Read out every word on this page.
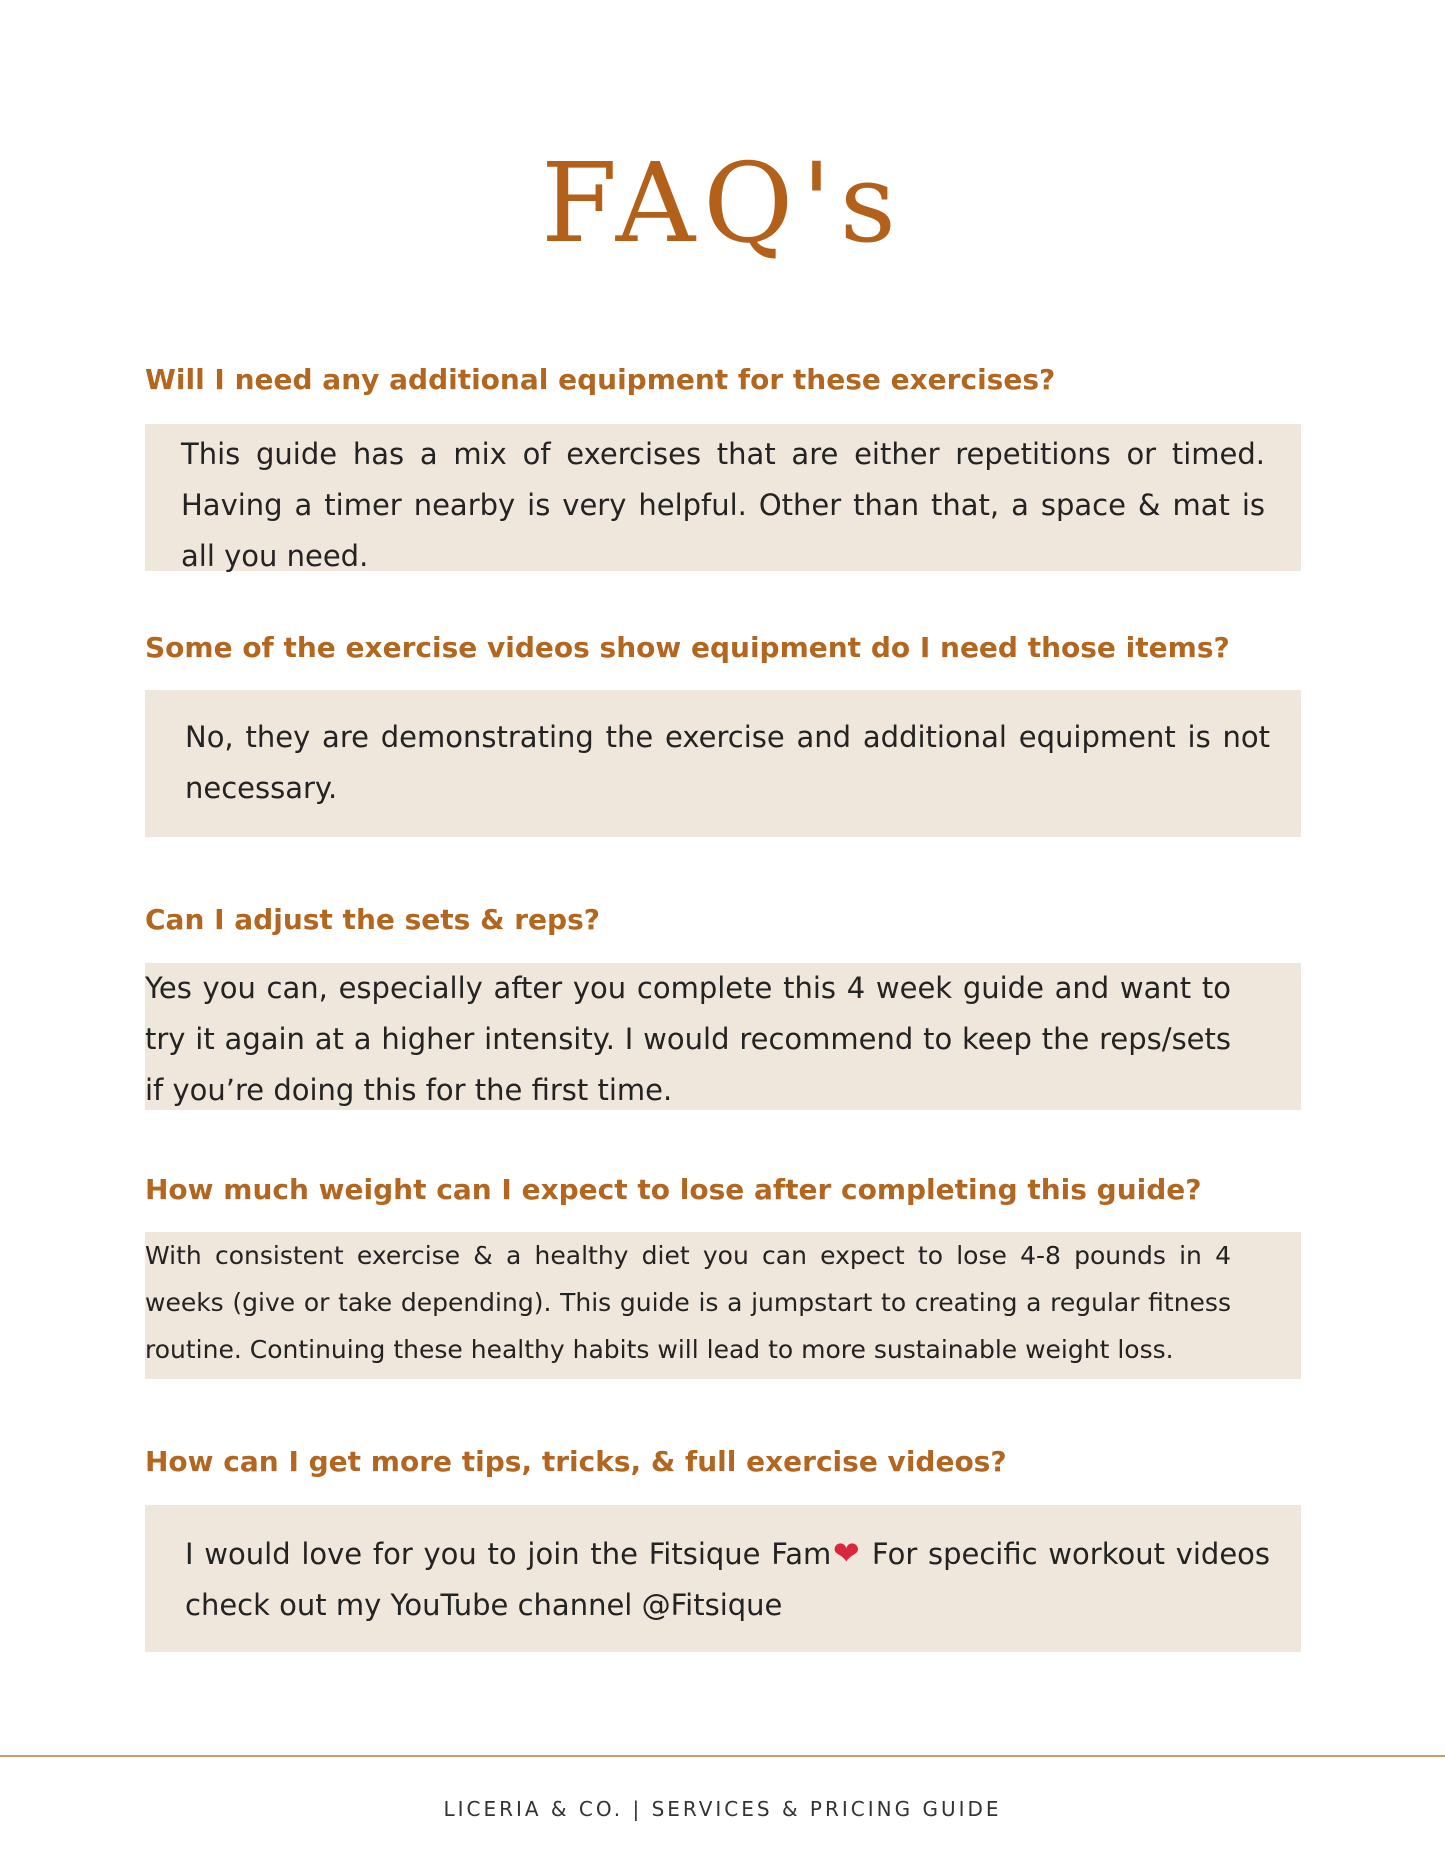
FAQ's
Will I need any additional equipment for these exercises?

This guide has a mix of exercises that are either repetitions or timed. Having a timer nearby is very helpful. Other than that, a space & mat is all you need.

Some of the exercise videos show equipment do I need those items?

No, they are demonstrating the exercise and additional equipment is not necessary.

Can I adjust the sets & reps?

Yes you can, especially after you complete this 4 week guide and want to try it again at a higher intensity. I would recommend to keep the reps/sets if you’re doing this for the first time.

How much weight can I expect to lose after completing this guide?

With consistent exercise & a healthy diet you can expect to lose 4-8 pounds in 4 weeks (give or take depending). This guide is a jumpstart to creating a regular fitness routine. Continuing these healthy habits will lead to more sustainable weight loss.

How can I get more tips, tricks, & full exercise videos?

I would love for you to join the Fitsique Fam❤ For specific workout videos check out my YouTube channel @Fitsique

LICERIA & CO. | SERVICES & PRICING GUIDE
